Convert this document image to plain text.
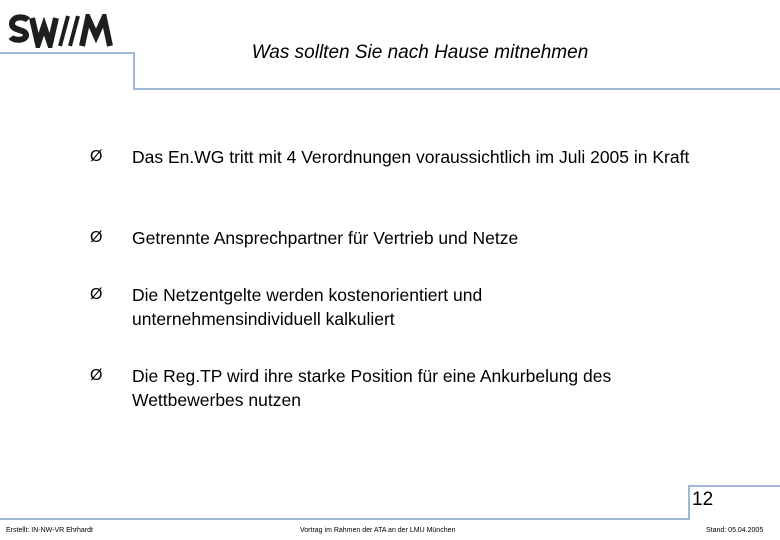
SWM
Was sollten Sie nach Hause mitnehmen
Ø Das En.WG tritt mit 4 Verordnungen voraussichtlich im Juli 2005 in Kraft
Ø Getrennte Ansprechpartner für Vertrieb und Netze
Ø Die Netzentgelte werden kostenorientiert und unternehmensindividuell kalkuliert
Ø Die Reg.TP wird ihre starke Position für eine Ankurbelung des Wettbewerbes nutzen
12
Erstellt: IN-NW-VR Ehrhardt	Vortrag im Rahmen der ATA an der LMU München	Stand: 05.04.2005
